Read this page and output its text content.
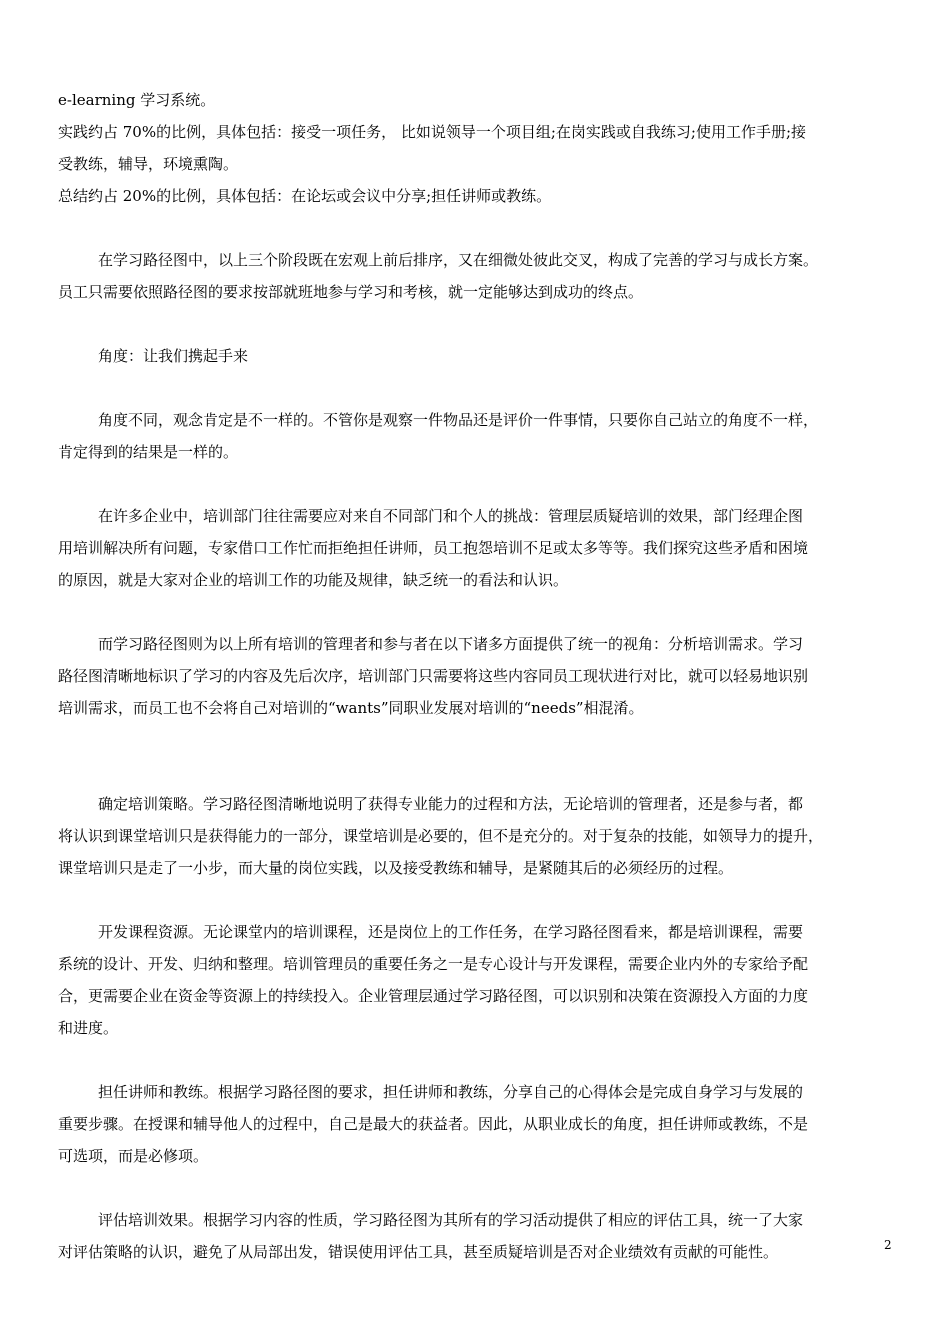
e-learning 学习系统。
实践约占 70%的比例，具体包括：接受一项任务， 比如说领导一个项目组;在岗实践或自我练习;使用工作手册;接
受教练，辅导，环境熏陶。
总结约占 20%的比例，具体包括：在论坛或会议中分享;担任讲师或教练。
在学习路径图中，以上三个阶段既在宏观上前后排序，又在细微处彼此交叉，构成了完善的学习与成长方案。
员工只需要依照路径图的要求按部就班地参与学习和考核，就一定能够达到成功的终点。
角度：让我们携起手来
角度不同，观念肯定是不一样的。不管你是观察一件物品还是评价一件事情，只要你自己站立的角度不一样，
肯定得到的结果是一样的。
在许多企业中，培训部门往往需要应对来自不同部门和个人的挑战：管理层质疑培训的效果，部门经理企图
用培训解决所有问题，专家借口工作忙而拒绝担任讲师，员工抱怨培训不足或太多等等。我们探究这些矛盾和困境
的原因，就是大家对企业的培训工作的功能及规律，缺乏统一的看法和认识。
而学习路径图则为以上所有培训的管理者和参与者在以下诸多方面提供了统一的视角：分析培训需求。学习
路径图清晰地标识了学习的内容及先后次序，培训部门只需要将这些内容同员工现状进行对比，就可以轻易地识别
培训需求，而员工也不会将自己对培训的“wants”同职业发展对培训的“needs”相混淆。
确定培训策略。学习路径图清晰地说明了获得专业能力的过程和方法，无论培训的管理者，还是参与者，都
将认识到课堂培训只是获得能力的一部分，课堂培训是必要的，但不是充分的。对于复杂的技能，如领导力的提升，
课堂培训只是走了一小步，而大量的岗位实践，以及接受教练和辅导，是紧随其后的必须经历的过程。
开发课程资源。无论课堂内的培训课程，还是岗位上的工作任务，在学习路径图看来，都是培训课程，需要
系统的设计、开发、归纳和整理。培训管理员的重要任务之一是专心设计与开发课程，需要企业内外的专家给予配
合，更需要企业在资金等资源上的持续投入。企业管理层通过学习路径图，可以识别和决策在资源投入方面的力度
和进度。
担任讲师和教练。根据学习路径图的要求，担任讲师和教练，分享自己的心得体会是完成自身学习与发展的
重要步骤。在授课和辅导他人的过程中，自己是最大的获益者。因此，从职业成长的角度，担任讲师或教练，不是
可选项，而是必修项。
评估培训效果。根据学习内容的性质，学习路径图为其所有的学习活动提供了相应的评估工具，统一了大家
对评估策略的认识，避免了从局部出发，错误使用评估工具，甚至质疑培训是否对企业绩效有贡献的可能性。	2
